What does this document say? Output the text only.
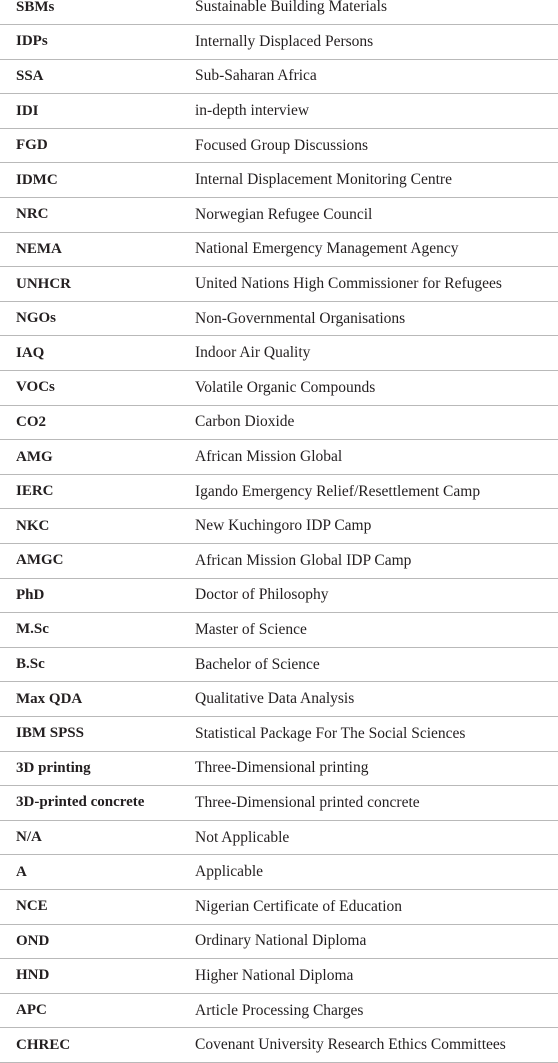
SBMs	Sustainable Building Materials
IDPs	Internally Displaced Persons
SSA	Sub-Saharan Africa
IDI	in-depth interview
FGD	Focused Group Discussions
IDMC	Internal Displacement Monitoring Centre
NRC	Norwegian Refugee Council
NEMA	National Emergency Management Agency
UNHCR	United Nations High Commissioner for Refugees
NGOs	Non-Governmental Organisations
IAQ	Indoor Air Quality
VOCs	Volatile Organic Compounds
CO2	Carbon Dioxide
AMG	African Mission Global
IERC	Igando Emergency Relief/Resettlement Camp
NKC	New Kuchingoro IDP Camp
AMGC	African Mission Global IDP Camp
PhD	Doctor of Philosophy
M.Sc	Master of Science
B.Sc	Bachelor of Science
Max QDA	Qualitative Data Analysis
IBM SPSS	Statistical Package For The Social Sciences
3D printing	Three-Dimensional printing
3D-printed concrete	Three-Dimensional printed concrete
N/A	Not Applicable
A	Applicable
NCE	Nigerian Certificate of Education
OND	Ordinary National Diploma
HND	Higher National Diploma
APC	Article Processing Charges
CHREC	Covenant University Research Ethics Committees
